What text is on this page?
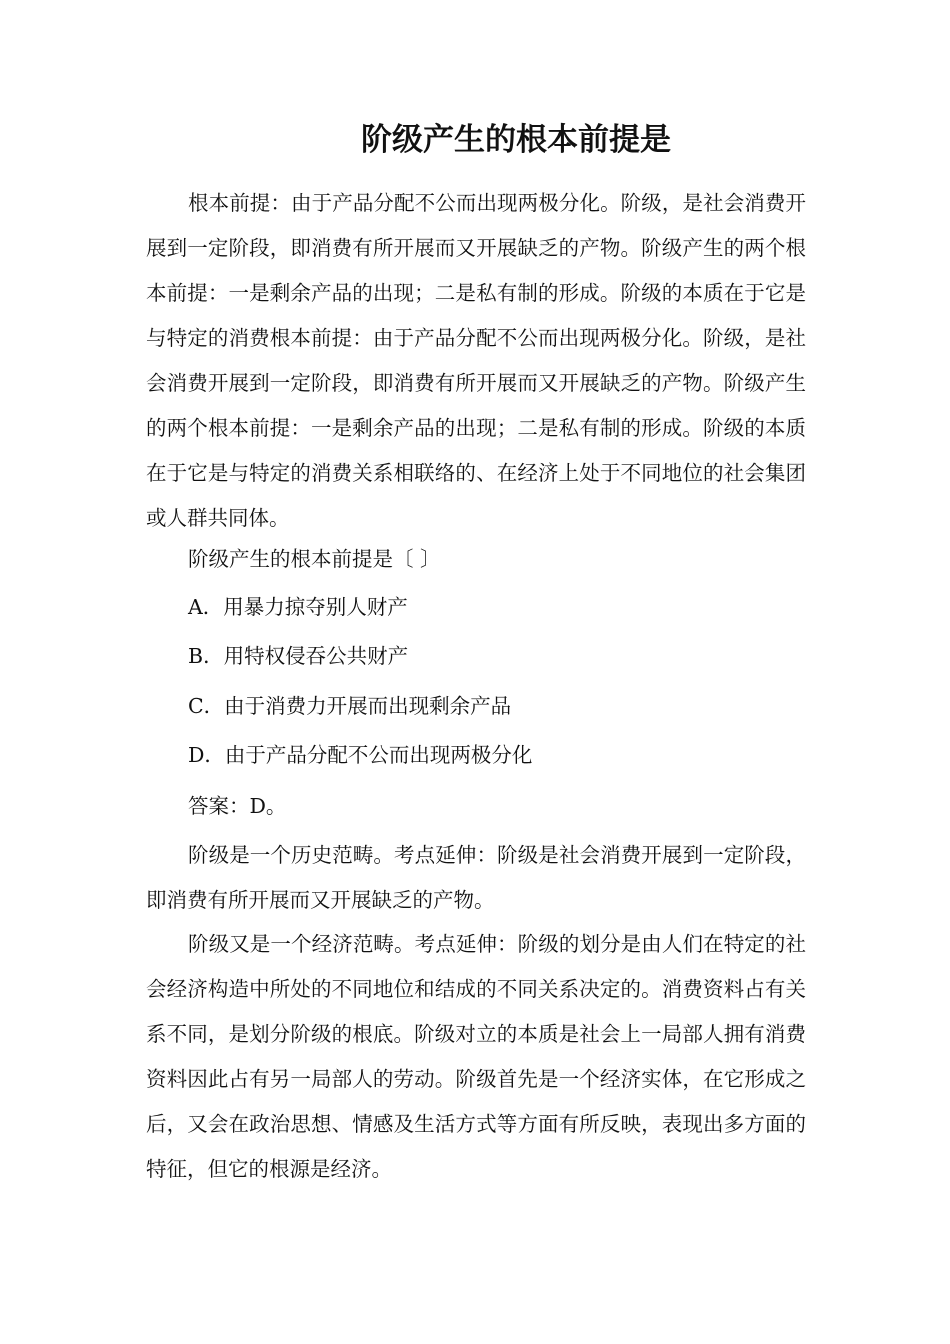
阶级产生的根本前提是

根本前提：由于产品分配不公而出现两极分化。阶级，是社会消费开展到一定阶段，即消费有所开展而又开展缺乏的产物。阶级产生的两个根本前提：一是剩余产品的出现；二是私有制的形成。阶级的本质在于它是与特定的消费根本前提：由于产品分配不公而出现两极分化。阶级，是社会消费开展到一定阶段，即消费有所开展而又开展缺乏的产物。阶级产生的两个根本前提：一是剩余产品的出现；二是私有制的形成。阶级的本质在于它是与特定的消费关系相联络的、在经济上处于不同地位的社会集团或人群共同体。

阶级产生的根本前提是〔 〕

A．用暴力掠夺别人财产

B．用特权侵吞公共财产

C．由于消费力开展而出现剩余产品

D．由于产品分配不公而出现两极分化

答案：D。

阶级是一个历史范畴。考点延伸：阶级是社会消费开展到一定阶段，即消费有所开展而又开展缺乏的产物。

阶级又是一个经济范畴。考点延伸：阶级的划分是由人们在特定的社会经济构造中所处的不同地位和结成的不同关系决定的。消费资料占有关系不同，是划分阶级的根底。阶级对立的本质是社会上一局部人拥有消费资料因此占有另一局部人的劳动。阶级首先是一个经济实体，在它形成之后，又会在政治思想、情感及生活方式等方面有所反映，表现出多方面的特征，但它的根源是经济。
